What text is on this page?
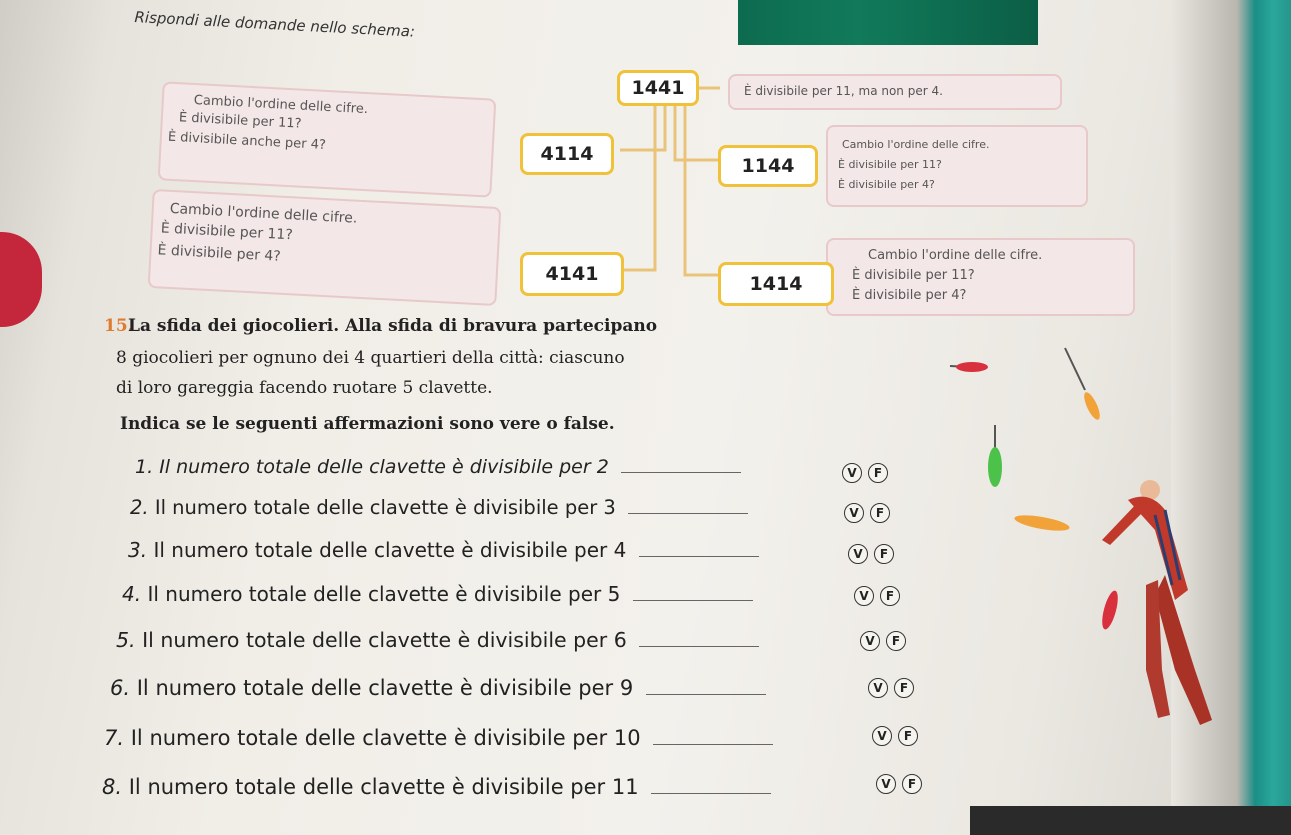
Rispondi alle domande nello schema:
1441	È divisibile per 11, ma non per 4.
Cambio l'ordine delle cifre.
È divisibile per 11?
È divisibile anche per 4?
4114	Cambio l'ordine delle cifre.
È divisibile per 11?
È divisibile per 4?
1144
Cambio l'ordine delle cifre.
È divisibile per 11?
È divisibile per 4?
4141
Cambio l'ordine delle cifre.
È divisibile per 11?
È divisibile per 4?
1414
15.
La sfida dei giocolieri. Alla sfida di bravura partecipano
8 giocolieri per ognuno dei 4 quartieri della città: ciascuno
di loro gareggia facendo ruotare 5 clavette.
Indica se le seguenti affermazioni sono vere o false.
1. Il numero totale delle clavette è divisibile per 2	V	F
2. Il numero totale delle clavette è divisibile per 3	V	F
3. Il numero totale delle clavette è divisibile per 4	V	F
4. Il numero totale delle clavette è divisibile per 5	V	F
5. Il numero totale delle clavette è divisibile per 6	V	F
6. Il numero totale delle clavette è divisibile per 9	V	F
7. Il numero totale delle clavette è divisibile per 10	V	F
8. Il numero totale delle clavette è divisibile per 11	V	F
